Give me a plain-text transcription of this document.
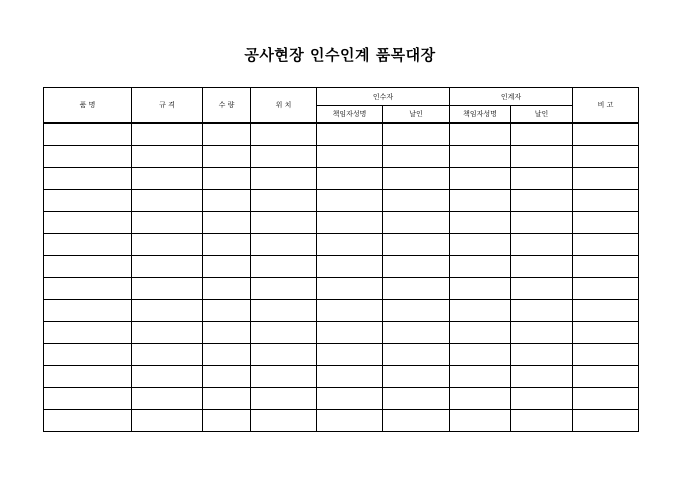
공사현장 인수인계 품목대장
품 명	규 격	수 량	위 치	인수자		인계자		비 고
				책임자성명	날인	책임자성명	날인	
